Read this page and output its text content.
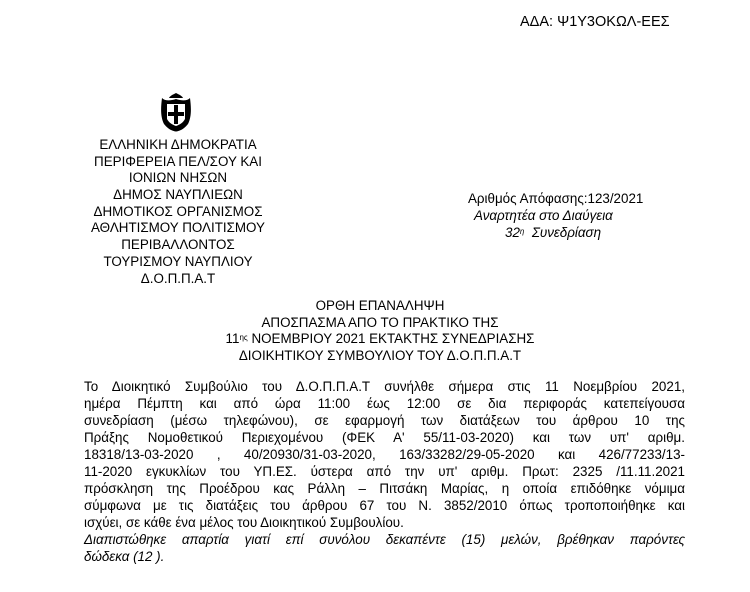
ΑΔΑ: Ψ1Υ3ΟΚΩΛ-ΕΕΣ
ΕΛΛΗΝΙΚΗ ΔΗΜΟΚΡΑΤΙΑ
ΠΕΡΙΦΕΡΕΙΑ ΠΕΛ/ΣΟΥ ΚΑΙ
ΙΟΝΙΩΝ ΝΗΣΩΝ
ΔΗΜΟΣ ΝΑΥΠΛΙΕΩΝ
ΔΗΜΟΤΙΚΟΣ ΟΡΓΑΝΙΣΜΟΣ
ΑΘΛΗΤΙΣΜΟΥ ΠΟΛΙΤΙΣΜΟΥ
ΠΕΡΙΒΑΛΛΟΝΤΟΣ
ΤΟΥΡΙΣΜΟΥ ΝΑΥΠΛΙΟΥ
Δ.Ο.Π.Π.Α.Τ
Αριθμός Απόφασης:123/2021
Αναρτητέα στο Διαύγεια
$32^\eta$ Συνεδρίαση
ΟΡΘΗ ΕΠΑΝΑΛΗΨΗ
ΑΠΟΣΠΑΣΜΑ ΑΠΟ ΤΟ ΠΡΑΚΤΙΚΟ ΤΗΣ
$11^{\eta\varsigma}$ ΝΟΕΜΒΡΙΟΥ 2021 ΕΚΤΑΚΤΗΣ ΣΥΝΕΔΡΙΑΣΗΣ
ΔΙΟΙΚΗΤΙΚΟΥ ΣΥΜΒΟΥΛΙΟΥ ΤΟΥ Δ.Ο.Π.Π.Α.Τ
Το Διοικητικό Συμβούλιο του Δ.Ο.Π.Π.Α.Τ συνήλθε σήμερα στις 11 Νοεμβρίου 2021,
ημέρα Πέμπτη και από ώρα 11:00 έως 12:00 σε δια περιφοράς κατεπείγουσα
συνεδρίαση (μέσω τηλεφώνου), σε εφαρμογή των διατάξεων του άρθρου 10 της
Πράξης Νομοθετικού Περιεχομένου (ΦΕΚ Α' 55/11-03-2020) και των υπ' αριθμ.
18318/13-03-2020 , 40/20930/31-03-2020, 163/33282/29-05-2020 και 426/77233/13-
11-2020 εγκυκλίων του ΥΠ.ΕΣ. ύστερα από την υπ' αριθμ. Πρωτ: 2325 /11.11.2021
πρόσκληση της Προέδρου κας Ράλλη – Πιτσάκη Μαρίας, η οποία επιδόθηκε νόμιμα
σύμφωνα με τις διατάξεις του άρθρου 67 του Ν. 3852/2010 όπως τροποποιήθηκε και
ισχύει, σε κάθε ένα μέλος του Διοικητικού Συμβουλίου.
Διαπιστώθηκε απαρτία γιατί επί συνόλου δεκαπέντε (15) μελών, βρέθηκαν παρόντες
δώδεκα (12 ).
